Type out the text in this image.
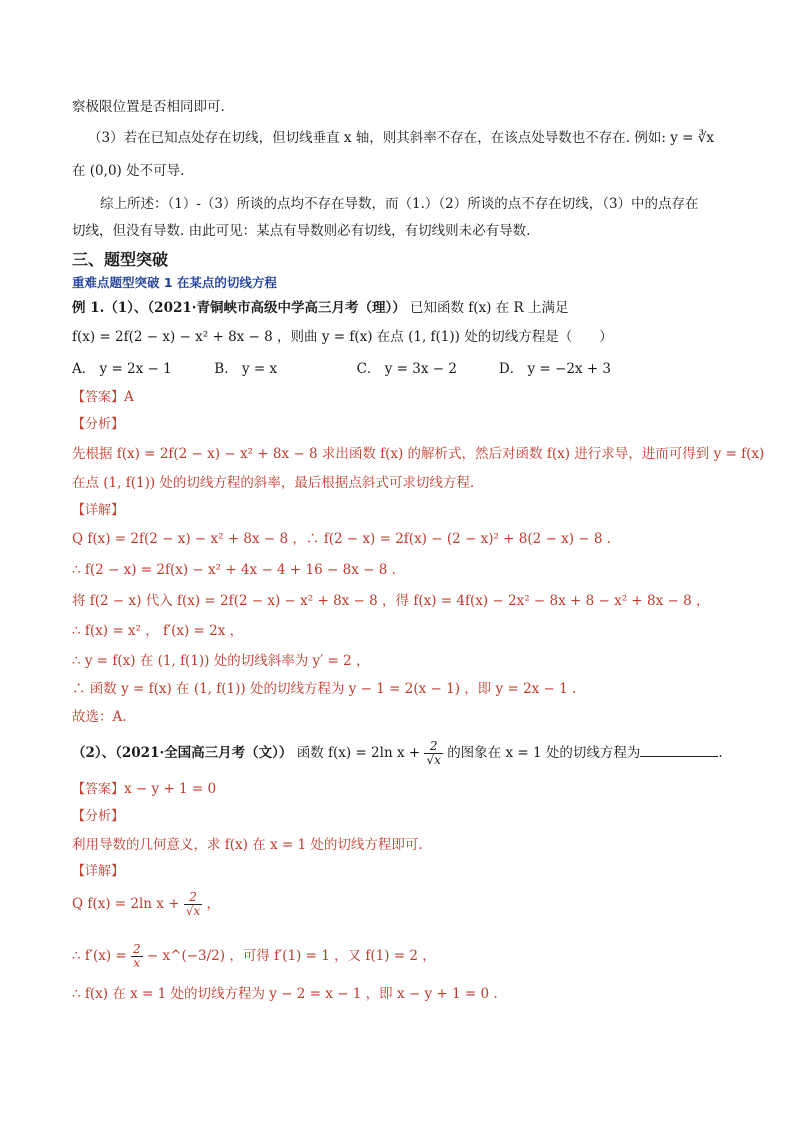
察极限位置是否相同即可.
（3）若在已知点处存在切线，但切线垂直 x 轴，则其斜率不存在，在该点处导数也不存在. 例如: y = ∛x
在 (0,0) 处不可导.
综上所述：（1）-（3）所谈的点均不存在导数，而（1.）（2）所谈的点不存在切线，（3）中的点存在
切线，但没有导数. 由此可见：某点有导数则必有切线，有切线则未必有导数.
三、题型突破
重难点题型突破 1 在某点的切线方程
例 1.（1）、（2021·青铜峡市高级中学高三月考（理）） 已知函数 f(x) 在 R 上满足
f(x) = 2f(2 − x) − x² + 8x − 8 ，则曲 y = f(x) 在点 (1, f(1)) 处的切线方程是（　　）
A． y = 2x − 1	B． y = x	C． y = 3x − 2	D． y = −2x + 3
【答案】A
【分析】
先根据 f(x) = 2f(2 − x) − x² + 8x − 8 求出函数 f(x) 的解析式，然后对函数 f(x) 进行求导，进而可得到 y = f(x)
在点 (1, f(1)) 处的切线方程的斜率，最后根据点斜式可求切线方程.
【详解】
Q f(x) = 2f(2 − x) − x² + 8x − 8 ，∴ f(2 − x) = 2f(x) − (2 − x)² + 8(2 − x) − 8 .
∴ f(2 − x) = 2f(x) − x² + 4x − 4 + 16 − 8x − 8 .
将 f(2 − x) 代入 f(x) = 2f(2 − x) − x² + 8x − 8 ，得 f(x) = 4f(x) − 2x² − 8x + 8 − x² + 8x − 8 ，
∴ f(x) = x² ， f′(x) = 2x ，
∴ y = f(x) 在 (1, f(1)) 处的切线斜率为 y′ = 2 ，
∴ 函数 y = f(x) 在 (1, f(1)) 处的切线方程为 y − 1 = 2(x − 1) ，即 y = 2x − 1 .
故选：A.
（2）、（2021·全国高三月考（文）） 函数 f(x) = 2ln $x + \frac{2}{√x}$ 的图象在 x = 1 处的切线方程为	.
【答案】x − y + 1 = 0
【分析】
利用导数的几何意义，求 f(x) 在 x = 1 处的切线方程即可.
【详解】
Q f(x) = 2ln $x + \frac{2}{√x}$ ，
∴ $f'(x) = \frac{2}{x}$ − x^(−3/2) ，可得 f′(1) = 1 ，又 f(1) = 2 ，
∴ f(x) 在 x = 1 处的切线方程为 y − 2 = x − 1 ，即 x − y + 1 = 0 .
